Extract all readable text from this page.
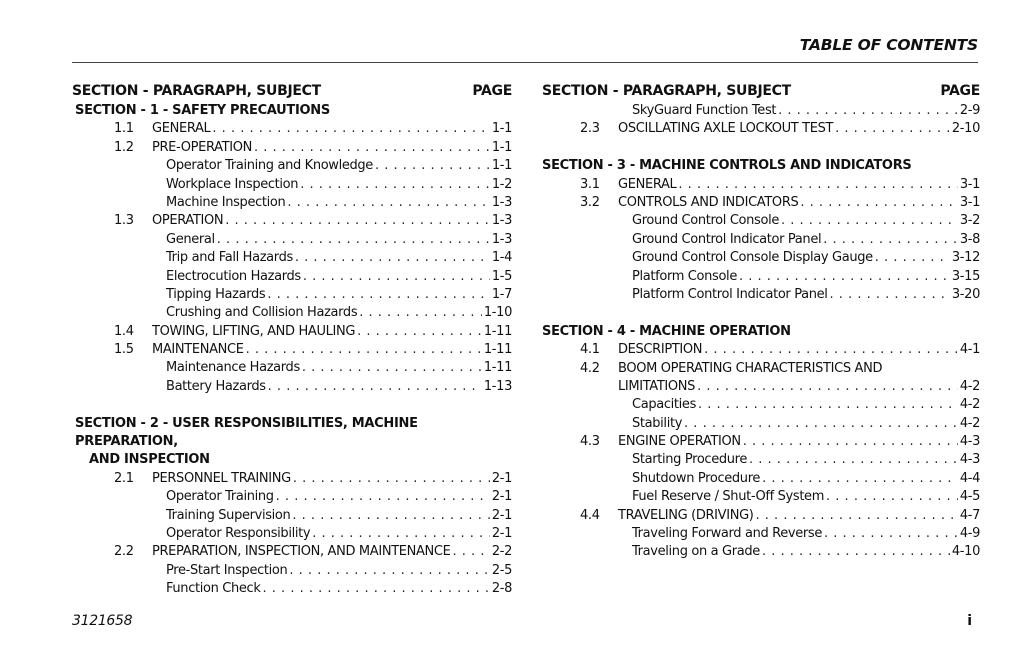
TABLE OF CONTENTS
SECTION - PARAGRAPH, SUBJECT	PAGE
SECTION - 1 - SAFETY PRECAUTIONS
1.1	GENERAL . . .	1-1
1.2	PRE-OPERATION . . .	1-1
Operator Training and Knowledge . . .	1-1
Workplace Inspection . . .	1-2
Machine Inspection . . .	1-3
1.3	OPERATION . . .	1-3
General . . .	1-3
Trip and Fall Hazards . . .	1-4
Electrocution Hazards . . .	1-5
Tipping Hazards . . .	1-7
Crushing and Collision Hazards . . .	1-10
1.4	TOWING, LIFTING, AND HAULING . . .	1-11
1.5	MAINTENANCE . . .	1-11
Maintenance Hazards . . .	1-11
Battery Hazards . . .	1-13
SECTION - 2 - USER RESPONSIBILITIES, MACHINE PREPARATION,
AND INSPECTION
2.1	PERSONNEL TRAINING . . .	2-1
Operator Training . . .	2-1
Training Supervision . . .	2-1
Operator Responsibility . . .	2-1
2.2	PREPARATION, INSPECTION, AND MAINTENANCE . . .	2-2
Pre-Start Inspection . . .	2-5
Function Check . . .	2-8
SECTION - PARAGRAPH, SUBJECT	PAGE
SkyGuard Function Test . . .	2-9
2.3	OSCILLATING AXLE LOCKOUT TEST . . .	2-10
SECTION - 3 - MACHINE CONTROLS AND INDICATORS
3.1	GENERAL . . .	3-1
3.2	CONTROLS AND INDICATORS . . .	3-1
Ground Control Console . . .	3-2
Ground Control Indicator Panel . . .	3-8
Ground Control Console Display Gauge . . .	3-12
Platform Console . . .	3-15
Platform Control Indicator Panel . . .	3-20
SECTION - 4 - MACHINE OPERATION
4.1	DESCRIPTION . . .	4-1
4.2	BOOM OPERATING CHARACTERISTICS AND
LIMITATIONS . . .	4-2
Capacities . . .	4-2
Stability . . .	4-2
4.3	ENGINE OPERATION . . .	4-3
Starting Procedure . . .	4-3
Shutdown Procedure . . .	4-4
Fuel Reserve / Shut-Off System . . .	4-5
4.4	TRAVELING (DRIVING) . . .	4-7
Traveling Forward and Reverse . . .	4-9
Traveling on a Grade . . .	4-10
3121658	i
